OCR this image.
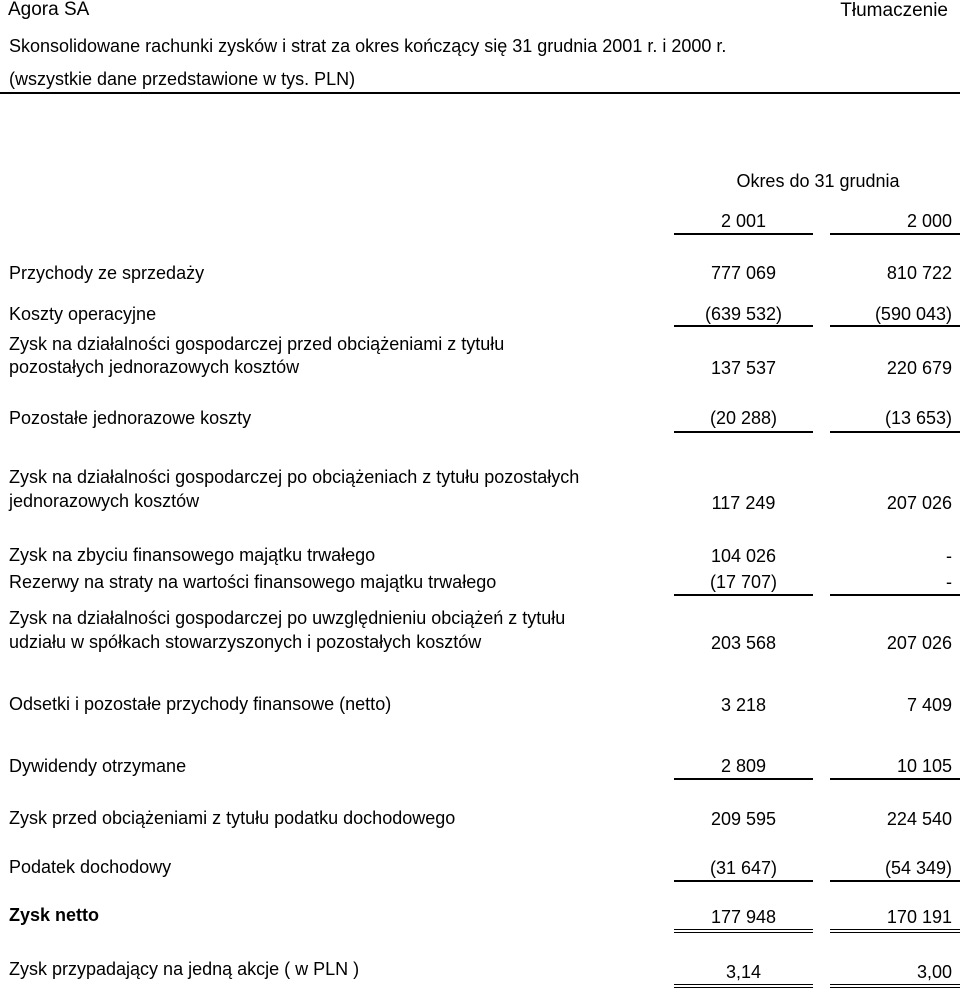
Agora SA	Tłumaczenie
Skonsolidowane rachunki zysków i strat za okres kończący się 31 grudnia 2001 r. i 2000 r.
(wszystkie dane przedstawione w tys. PLN)
Okres do 31 grudnia
2 001	2 000
Przychody ze sprzedaży	777 069	810 722
Koszty operacyjne	(639 532)	(590 043)
Zysk na działalności gospodarczej przed obciążeniami z tytułu
pozostałych jednorazowych kosztów	137 537	220 679
Pozostałe jednorazowe koszty	(20 288)	(13 653)
Zysk na działalności gospodarczej po obciążeniach z tytułu pozostałych
jednorazowych kosztów	117 249	207 026
Zysk na zbyciu finansowego majątku trwałego	104 026	-
Rezerwy na straty na wartości finansowego majątku trwałego	(17 707)	-
Zysk na działalności gospodarczej po uwzględnieniu obciążeń z tytułu
udziału w spółkach stowarzyszonych i pozostałych kosztów	203 568	207 026
Odsetki i pozostałe przychody finansowe (netto)	3 218	7 409
Dywidendy otrzymane	2 809	10 105
Zysk przed obciążeniami z tytułu podatku dochodowego	209 595	224 540
Podatek dochodowy	(31 647)	(54 349)
Zysk netto	177 948	170 191
Zysk przypadający na jedną akcje ( w PLN )	3,14	3,00
